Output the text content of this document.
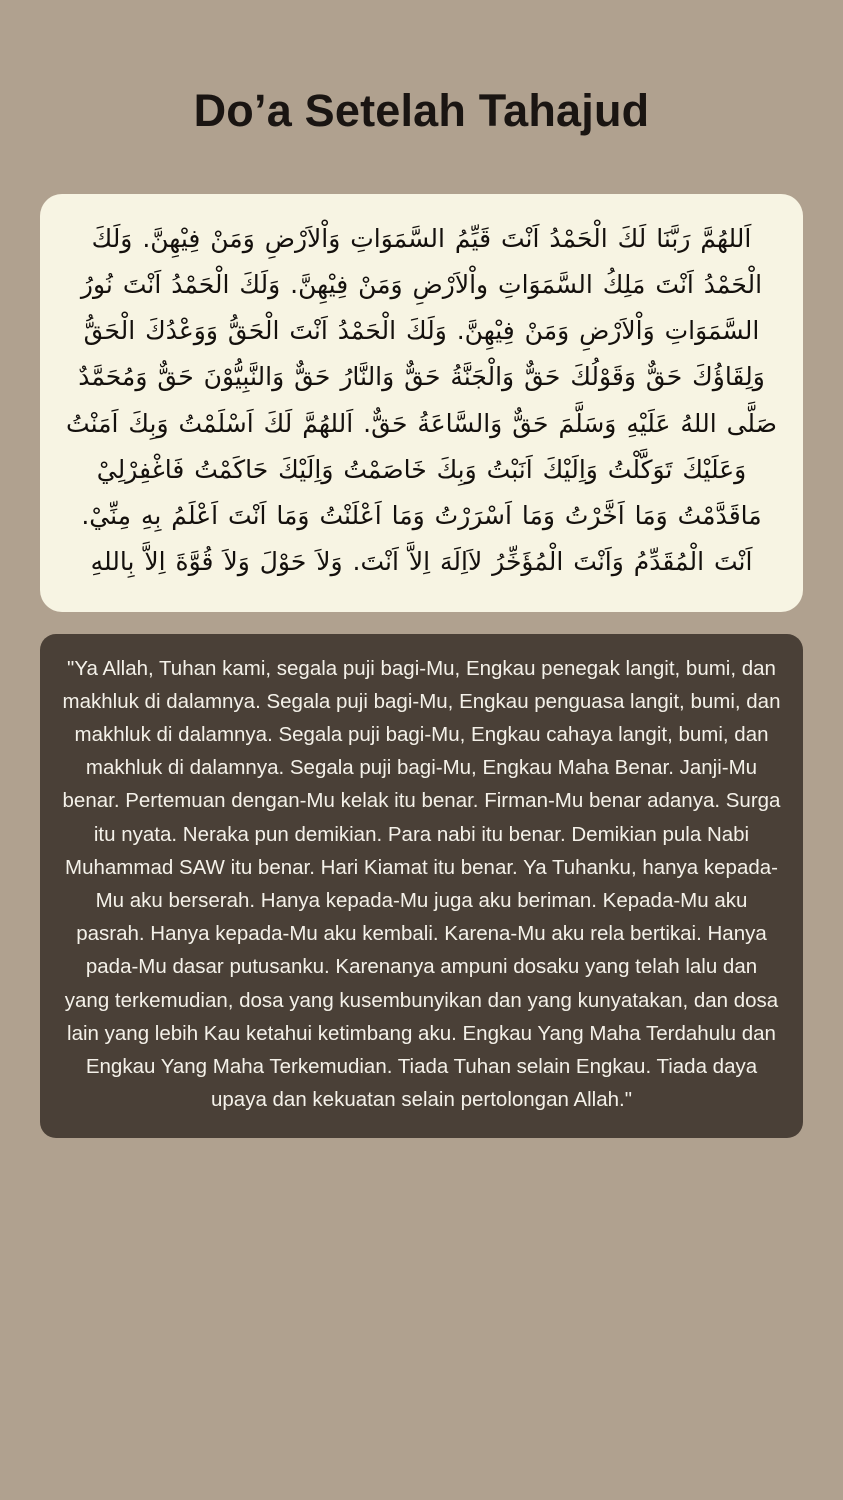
Do’a Setelah Tahajud
اَللهُمَّ رَبَّنَا لَكَ الْحَمْدُ اَنْتَ قَيِّمُ السَّمَوَاتِ وَاْلاَرْضِ وَمَنْ فِيْهِنَّ. وَلَكَ الْحَمْدُ اَنْتَ مَلِكُ السَّمَوَاتِ واْلاَرْضِ وَمَنْ فِيْهِنَّ. وَلَكَ الْحَمْدُ اَنْتَ نُورُ السَّمَوَاتِ وَاْلاَرْضِ وَمَنْ فِيْهِنَّ. وَلَكَ الْحَمْدُ اَنْتَ الْحَقُّ وَوَعْدُكَ الْحَقُّ وَلِقَاؤُكَ حَقٌّ وَقَوْلُكَ حَقٌّ وَالْجَنَّةُ حَقٌّ وَالنَّارُ حَقٌّ وَالنَّبِيُّوْنَ حَقٌّ وَمُحَمَّدٌ صَلَّى اللهُ عَلَيْهِ وَسَلَّمَ حَقٌّ وَالسَّاعَةُ حَقٌّ. اَللهُمَّ لَكَ اَسْلَمْتُ وَبِكَ اَمَنْتُ وَعَلَيْكَ تَوَكَّلْتُ وَاِلَيْكَ اَنَبْتُ وَبِكَ خَاصَمْتُ وَاِلَيْكَ حَاكَمْتُ فَاغْفِرْلِيْ مَاقَدَّمْتُ وَمَا اَخَّرْتُ وَمَا اَسْرَرْتُ وَمَا اَعْلَنْتُ وَمَا اَنْتَ اَعْلَمُ بِهِ مِنِّيْ. اَنْتَ الْمُقَدِّمُ وَاَنْتَ الْمُؤَخِّرُ لاَاِلَهَ اِلاَّ اَنْتَ. وَلاَ حَوْلَ وَلاَ قُوَّةَ اِلاَّ بِاللهِ
"Ya Allah, Tuhan kami, segala puji bagi-Mu, Engkau penegak langit, bumi, dan makhluk di dalamnya. Segala puji bagi-Mu, Engkau penguasa langit, bumi, dan makhluk di dalamnya. Segala puji bagi-Mu, Engkau cahaya langit, bumi, dan makhluk di dalamnya. Segala puji bagi-Mu, Engkau Maha Benar. Janji-Mu benar. Pertemuan dengan-Mu kelak itu benar. Firman-Mu benar adanya. Surga itu nyata. Neraka pun demikian. Para nabi itu benar. Demikian pula Nabi Muhammad SAW itu benar. Hari Kiamat itu benar. Ya Tuhanku, hanya kepada-Mu aku berserah. Hanya kepada-Mu juga aku beriman. Kepada-Mu aku pasrah. Hanya kepada-Mu aku kembali. Karena-Mu aku rela bertikai. Hanya pada-Mu dasar putusanku. Karenanya ampuni dosaku yang telah lalu dan yang terkemudian, dosa yang kusembunyikan dan yang kunyatakan, dan dosa lain yang lebih Kau ketahui ketimbang aku. Engkau Yang Maha Terdahulu dan Engkau Yang Maha Terkemudian. Tiada Tuhan selain Engkau. Tiada daya upaya dan kekuatan selain pertolongan Allah."
